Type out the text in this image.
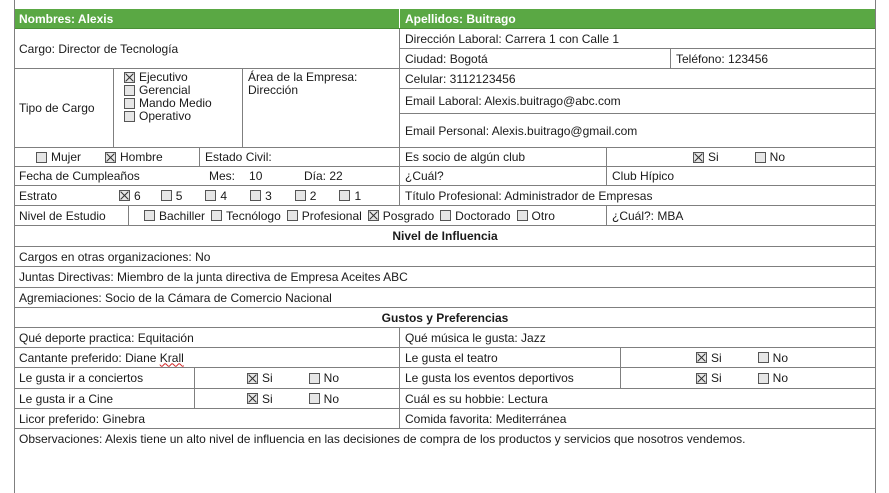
Nombres: Alexis	Apellidos: Buitrago
Cargo: Director de Tecnología
Dirección Laboral: Carrera 1 con Calle 1
Ciudad: Bogotá	Teléfono: 123456
Tipo de Cargo
Ejecutivo
Gerencial
Mando Medio
Operativo
Área de la Empresa: Dirección
Celular: 3112123456
Email Laboral: Alexis.buitrago@abc.com
Email Personal: Alexis.buitrago@gmail.com
Mujer	Hombre	Estado Civil:	Es socio de algún club	Si	No
Fecha de Cumpleaños	Mes: 10	Día: 22	¿Cuál?	Club Hípico
Estrato	6	5	4	3	2	1	Título Profesional: Administrador de Empresas
Nivel de Estudio	Bachiller Tecnólogo Profesional Posgrado Doctorado Otro	¿Cuál?: MBA
Nivel de Influencia
Cargos en otras organizaciones: No
Juntas Directivas: Miembro de la junta directiva de Empresa Aceites ABC
Agremiaciones: Socio de la Cámara de Comercio Nacional
Gustos y Preferencias
Qué deporte practica: Equitación	Qué música le gusta: Jazz
Cantante preferido: Diane Krall	Le gusta el teatro	Si	No
Le gusta ir a conciertos	Si	No	Le gusta los eventos deportivos	Si	No
Le gusta ir a Cine	Si	No	Cuál es su hobbie: Lectura
Licor preferido: Ginebra	Comida favorita: Mediterránea
Observaciones: Alexis tiene un alto nivel de influencia en las decisiones de compra de los productos y servicios que nosotros vendemos.
